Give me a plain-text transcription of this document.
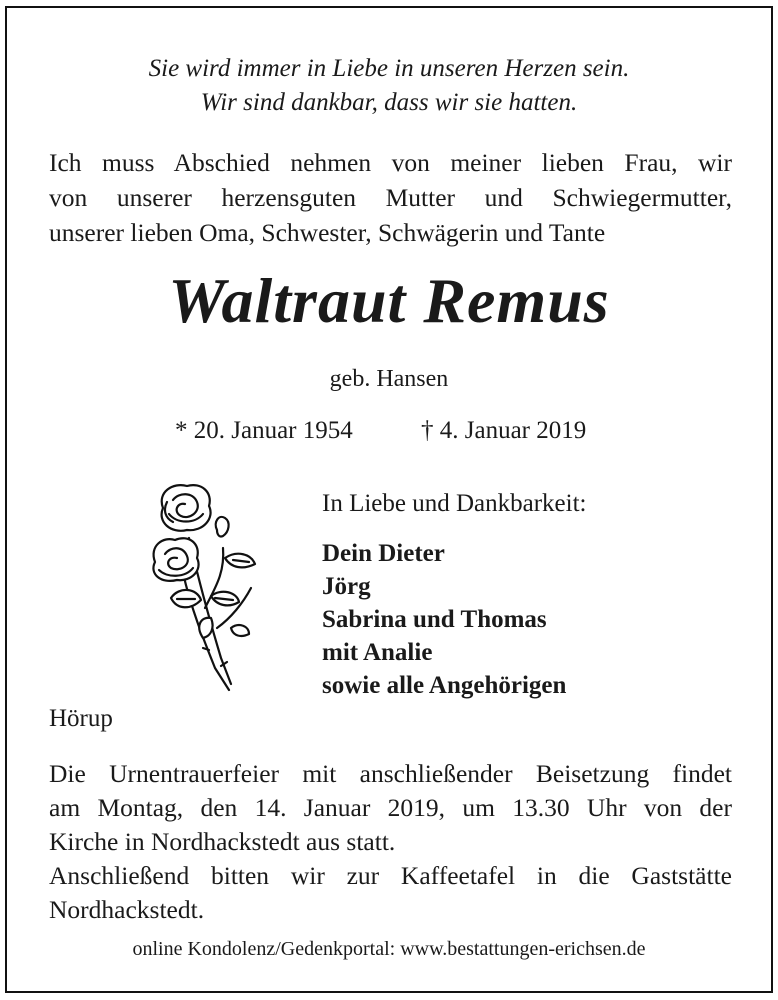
Sie wird immer in Liebe in unseren Herzen sein.
Wir sind dankbar, dass wir sie hatten.
Ich muss Abschied nehmen von meiner lieben Frau, wir
von unserer herzensguten Mutter und Schwiegermutter,
unserer lieben Oma, Schwester, Schwägerin und Tante
Waltraut Remus
geb. Hansen
* 20. Januar 1954	† 4. Januar 2019
In Liebe und Dankbarkeit:
Dein Dieter
Jörg
Sabrina und Thomas
mit Analie
sowie alle Angehörigen
Hörup
Die Urnentrauerfeier mit anschließender Beisetzung findet
am Montag, den 14. Januar 2019, um 13.30 Uhr von der
Kirche in Nordhackstedt aus statt.
Anschließend bitten wir zur Kaffeetafel in die Gaststätte
Nordhackstedt.
online Kondolenz/Gedenkportal: www.bestattungen-erichsen.de
